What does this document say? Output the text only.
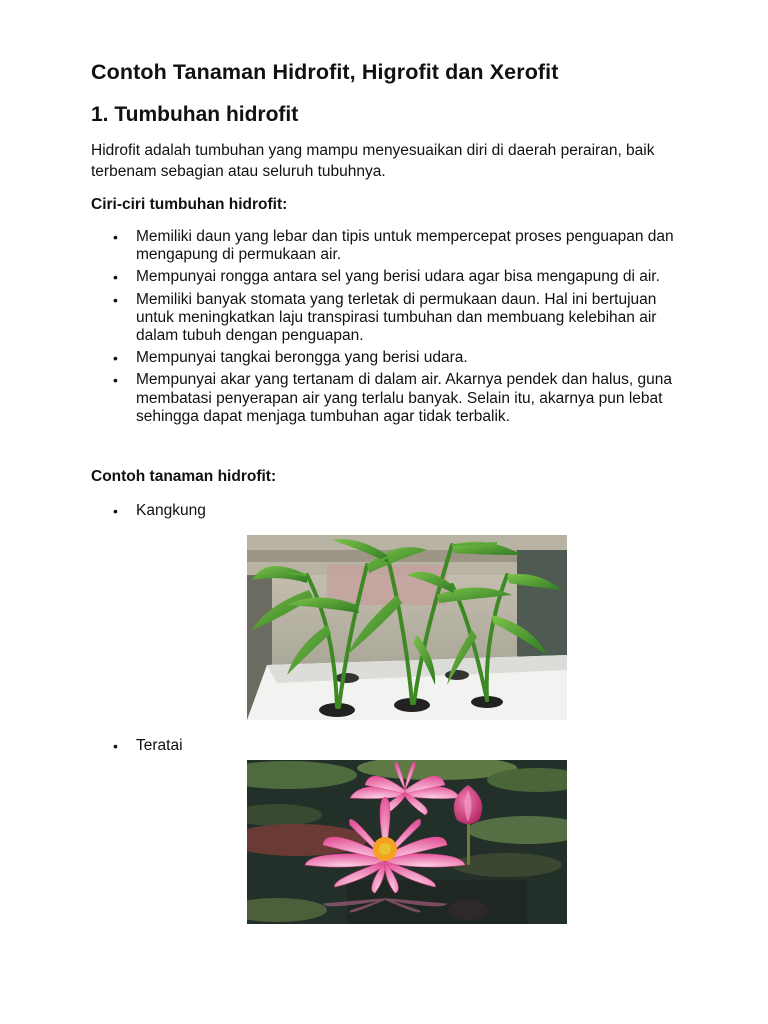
Contoh Tanaman Hidrofit, Higrofit dan Xerofit
1. Tumbuhan hidrofit

Hidrofit adalah tumbuhan yang mampu menyesuaikan diri di daerah perairan, baik terbenam sebagian atau seluruh tubuhnya.

Ciri-ciri tumbuhan hidrofit:

• Memiliki daun yang lebar dan tipis untuk mempercepat proses penguapan dan mengapung di permukaan air.
• Mempunyai rongga antara sel yang berisi udara agar bisa mengapung di air.
• Memiliki banyak stomata yang terletak di permukaan daun. Hal ini bertujuan untuk meningkatkan laju transpirasi tumbuhan dan membuang kelebihan air dalam tubuh dengan penguapan.
• Mempunyai tangkai berongga yang berisi udara.
• Mempunyai akar yang tertanam di dalam air. Akarnya pendek dan halus, guna membatasi penyerapan air yang terlalu banyak. Selain itu, akarnya pun lebat sehingga dapat menjaga tumbuhan agar tidak terbalik.

Contoh tanaman hidrofit:

• Kangkung
• Teratai
